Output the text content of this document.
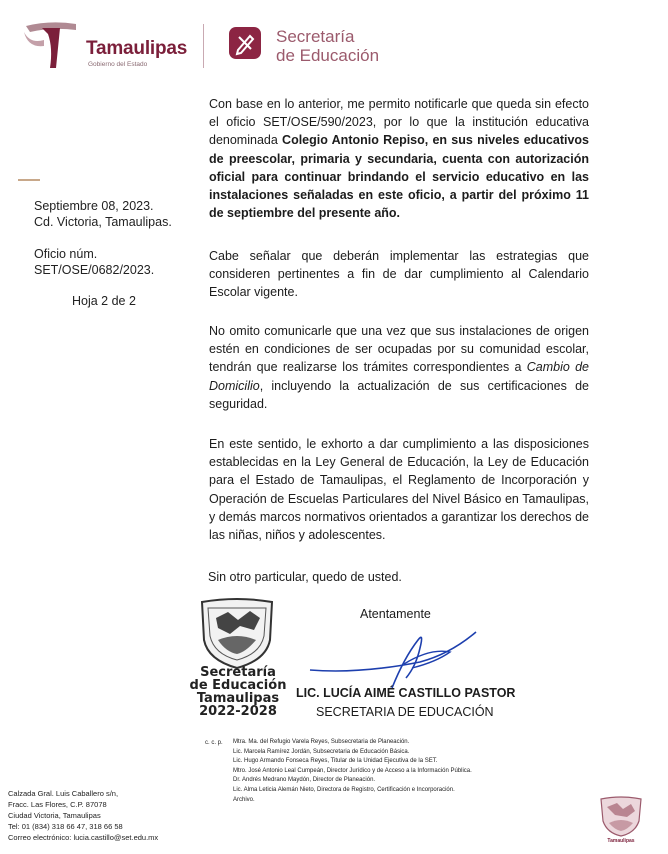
Tamaulipas
Gobierno del Estado
Secretaría
de Educación
Septiembre 08, 2023.
Cd. Victoria, Tamaulipas.
Oficio núm.
SET/OSE/0682/2023.
Hoja 2 de 2
Con base en lo anterior, me permito notificarle que queda sin efecto el oficio SET/OSE/590/2023, por lo que la institución educativa denominada Colegio Antonio Repiso, en sus niveles educativos de preescolar, primaria y secundaria, cuenta con autorización oficial para continuar brindando el servicio educativo en las instalaciones señaladas en este oficio, a partir del próximo 11 de septiembre del presente año.
Cabe señalar que deberán implementar las estrategias que consideren pertinentes a fin de dar cumplimiento al Calendario Escolar vigente.
No omito comunicarle que una vez que sus instalaciones de origen estén en condiciones de ser ocupadas por su comunidad escolar, tendrán que realizarse los trámites correspondientes a Cambio de Domicilio, incluyendo la actualización de sus certificaciones de seguridad.
En este sentido, le exhorto a dar cumplimiento a las disposiciones establecidas en la Ley General de Educación, la Ley de Educación para el Estado de Tamaulipas, el Reglamento de Incorporación y Operación de Escuelas Particulares del Nivel Básico en Tamaulipas, y demás marcos normativos orientados a garantizar los derechos de las niñas, niños y adolescentes.
Sin otro particular, quedo de usted.
Secretaría
de Educación
Tamaulipas
2022-2028
Atentamente
LIC. LUCÍA AIMÉ CASTILLO PASTOR
SECRETARIA DE EDUCACIÓN
c. c. p. Mtra. Ma. del Refugio Varela Reyes, Subsecretaria de Planeación.
Lic. Marcela Ramírez Jordán, Subsecretaria de Educación Básica.
Lic. Hugo Armando Fonseca Reyes, Titular de la Unidad Ejecutiva de la SET.
Mtro. José Antonio Leal Cumpeán, Director Jurídico y de Acceso a la Información Pública.
Dr. Andrés Medrano Maydón, Director de Planeación.
Lic. Alma Leticia Alemán Nieto, Directora de Registro, Certificación e Incorporación.
Archivo.
Calzada Gral. Luis Caballero s/n,
Fracc. Las Flores, C.P. 87078
Ciudad Victoria, Tamaulipas
Tel: 01 (834) 318 66 47, 318 66 58
Correo electrónico: lucia.castillo@set.edu.mx	Tamaulipas
